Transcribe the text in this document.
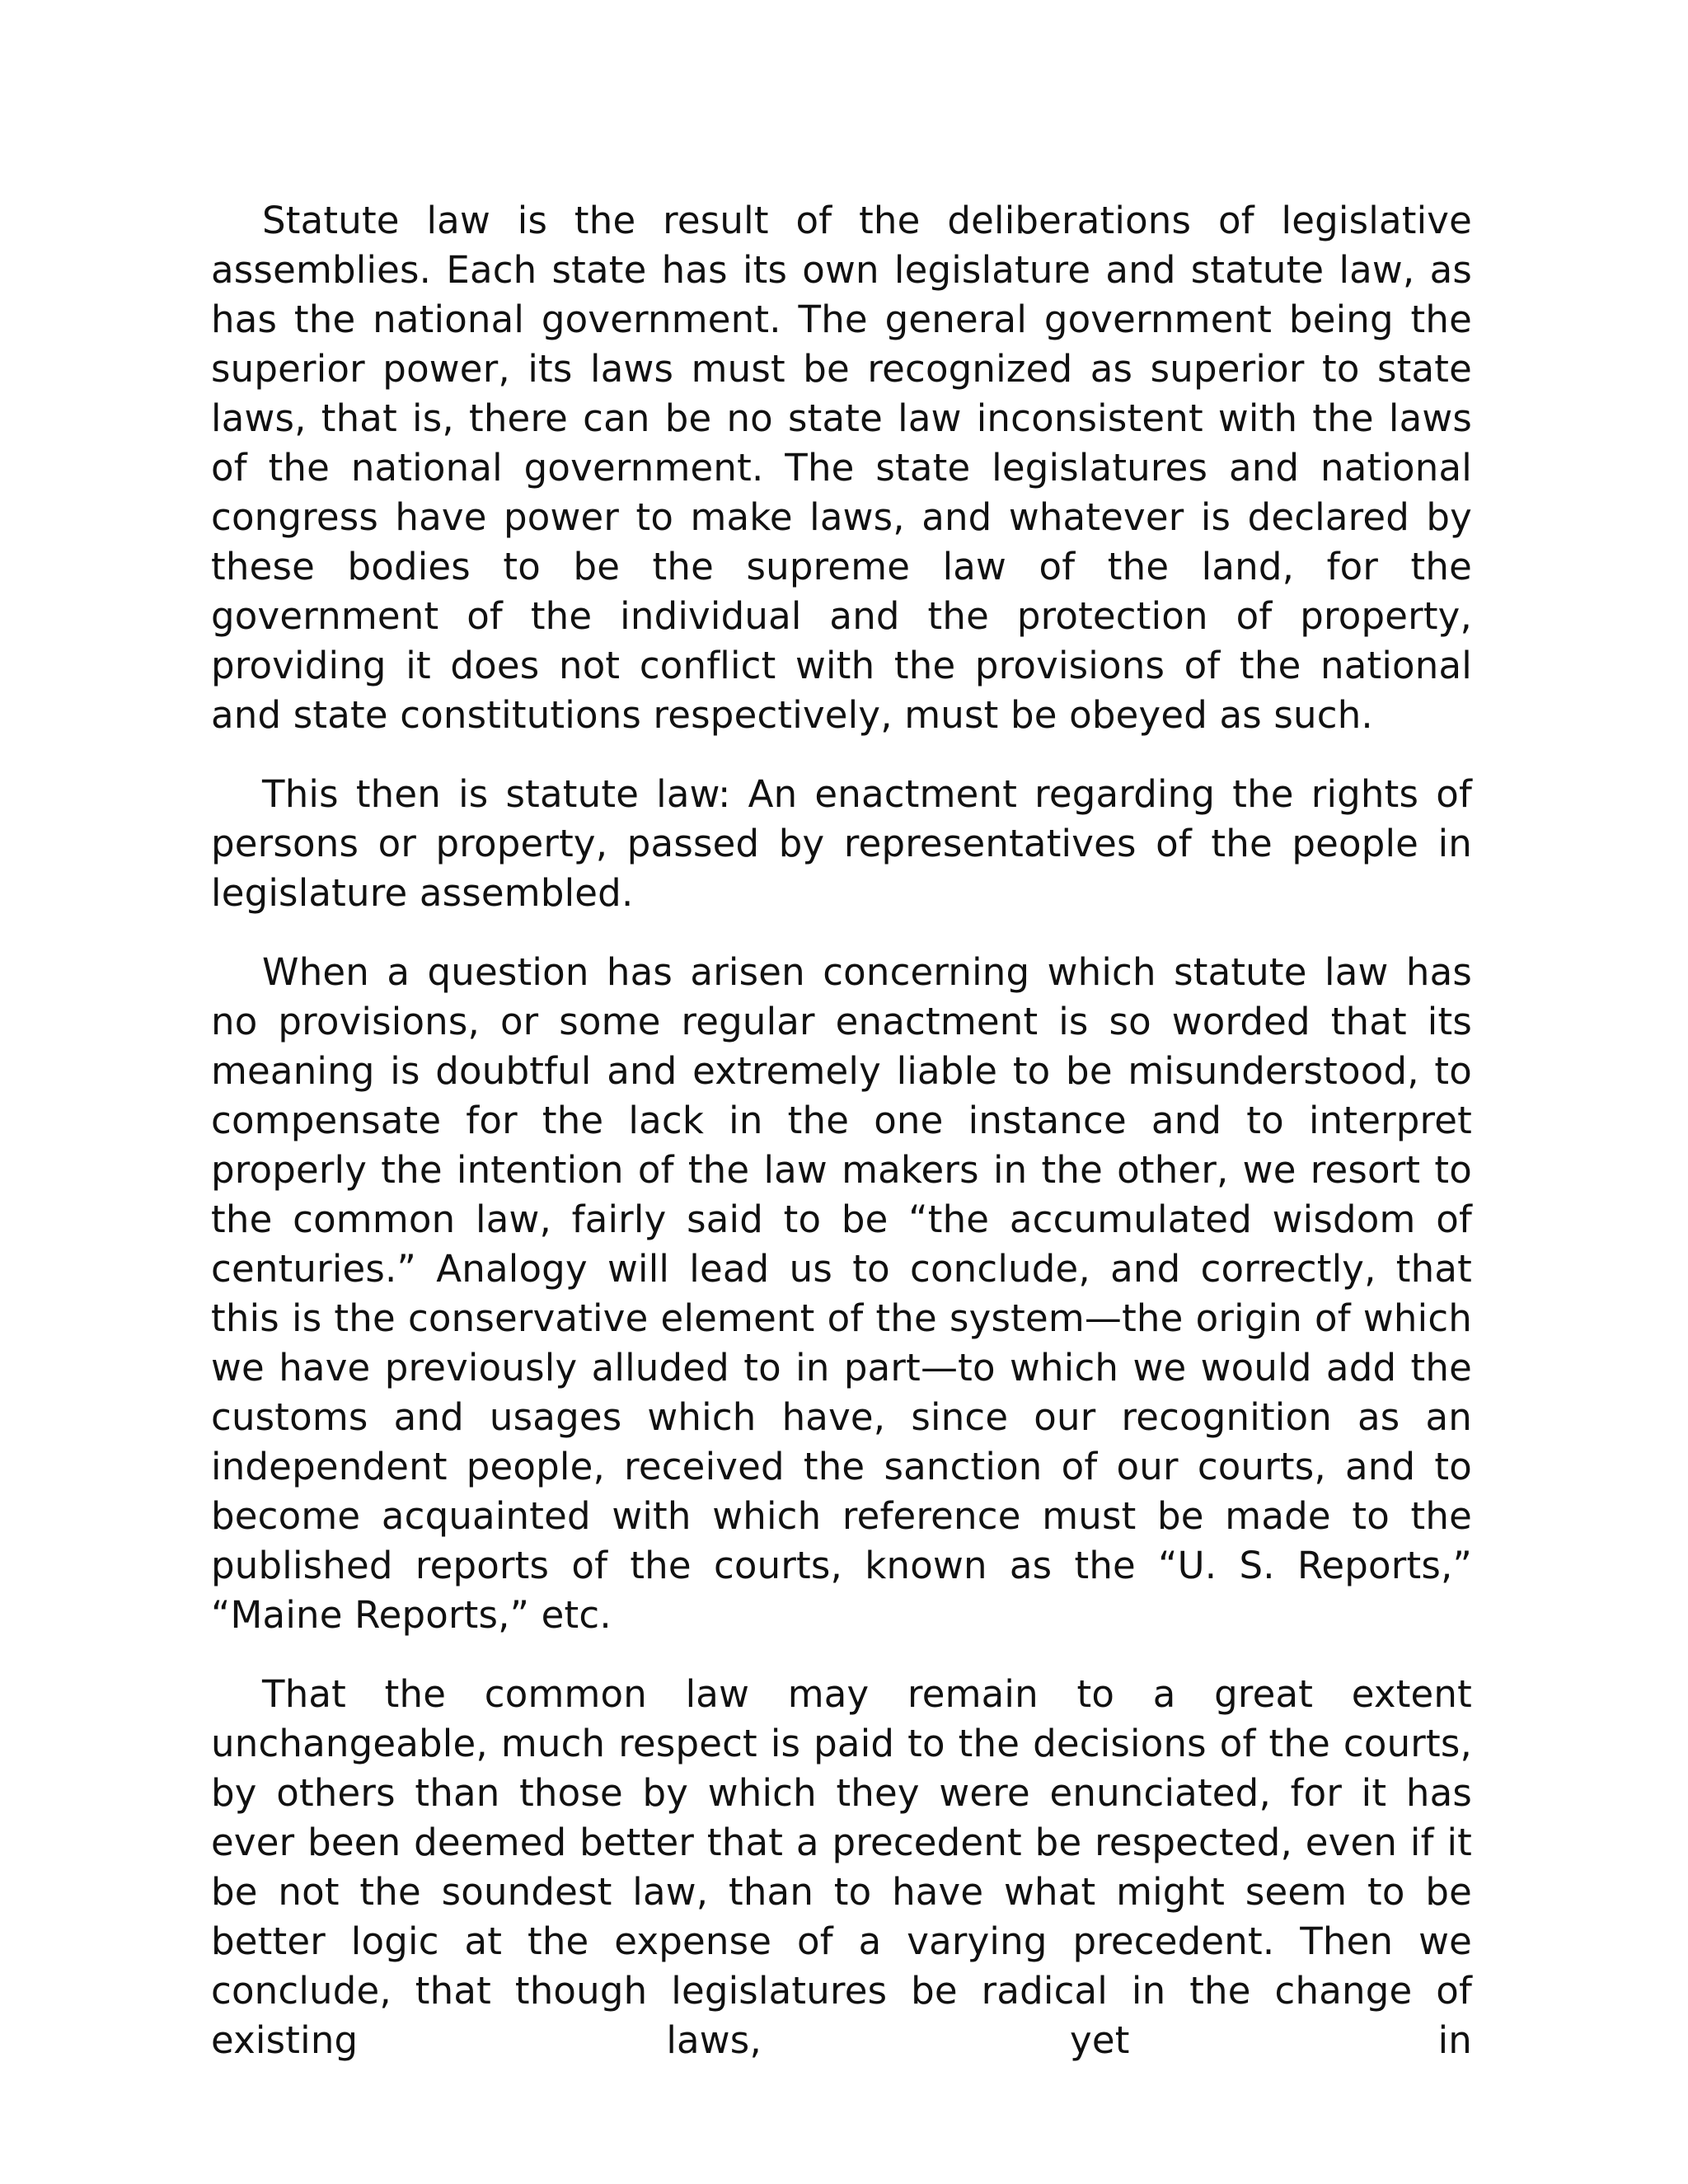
Statute law is the result of the deliberations of legislative assemblies. Each state has its own legislature and statute law, as has the national government. The general government being the superior power, its laws must be recognized as superior to state laws, that is, there can be no state law inconsistent with the laws of the national government. The state legislatures and national congress have power to make laws, and whatever is declared by these bodies to be the supreme law of the land, for the government of the individual and the protection of property, providing it does not conflict with the provisions of the national and state constitutions respectively, must be obeyed as such.

This then is statute law: An enactment regarding the rights of persons or property, passed by representatives of the people in legislature assembled.

When a question has arisen concerning which statute law has no provisions, or some regular enactment is so worded that its meaning is doubtful and extremely liable to be misunderstood, to compensate for the lack in the one instance and to interpret properly the intention of the law makers in the other, we resort to the common law, fairly said to be “the accumulated wisdom of centuries.” Analogy will lead us to conclude, and correctly, that this is the conservative element of the system—the origin of which we have previously alluded to in part—to which we would add the customs and usages which have, since our recognition as an independent people, received the sanction of our courts, and to become acquainted with which reference must be made to the published reports of the courts, known as the “U. S. Reports,” “Maine Reports,” etc.

That the common law may remain to a great extent unchangeable, much respect is paid to the decisions of the courts, by others than those by which they were enunciated, for it has ever been deemed better that a precedent be respected, even if it be not the soundest law, than to have what might seem to be better logic at the expense of a varying precedent. Then we conclude, that though legislatures be radical in the change of existing laws, yet in
